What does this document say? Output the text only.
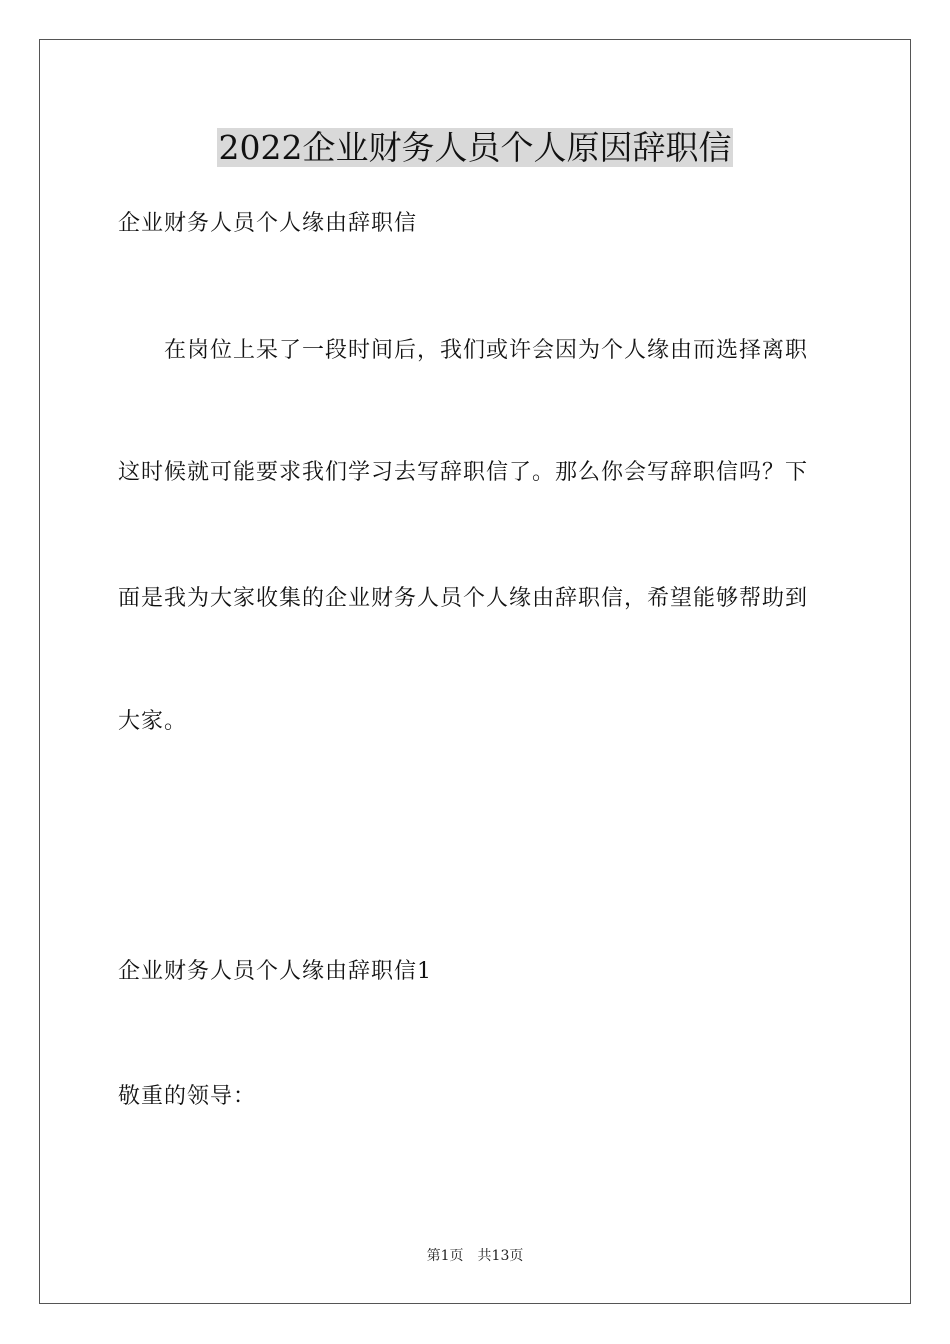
2022企业财务人员个人原因辞职信
企业财务人员个人缘由辞职信
　　在岗位上呆了一段时间后，我们或许会因为个人缘由而选择离职
这时候就可能要求我们学习去写辞职信了。那么你会写辞职信吗？下
面是我为大家收集的企业财务人员个人缘由辞职信，希望能够帮助到
大家。
企业财务人员个人缘由辞职信1
敬重的领导：
第1页 共13页
